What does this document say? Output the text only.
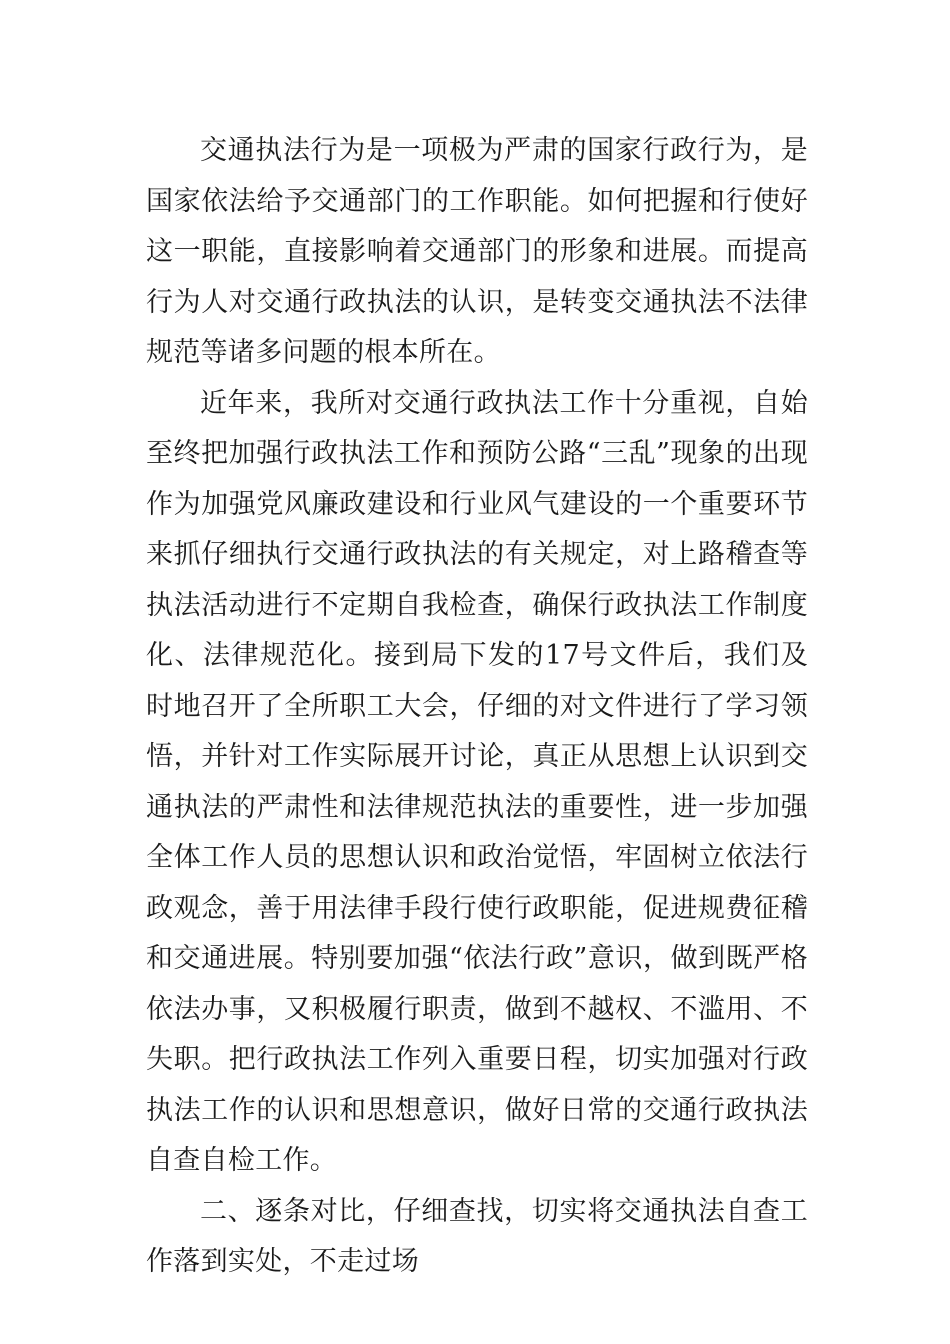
交通执法行为是一项极为严肃的国家行政行为，是国家依法给予交通部门的工作职能。如何把握和行使好这一职能，直接影响着交通部门的形象和进展。而提高行为人对交通行政执法的认识，是转变交通执法不法律规范等诸多问题的根本所在。

近年来，我所对交通行政执法工作十分重视，自始至终把加强行政执法工作和预防公路“三乱”现象的出现作为加强党风廉政建设和行业风气建设的一个重要环节来抓仔细执行交通行政执法的有关规定，对上路稽查等执法活动进行不定期自我检查，确保行政执法工作制度化、法律规范化。接到局下发的17号文件后，我们及时地召开了全所职工大会，仔细的对文件进行了学习领悟，并针对工作实际展开讨论，真正从思想上认识到交通执法的严肃性和法律规范执法的重要性，进一步加强全体工作人员的思想认识和政治觉悟，牢固树立依法行政观念，善于用法律手段行使行政职能，促进规费征稽和交通进展。特别要加强“依法行政”意识，做到既严格依法办事，又积极履行职责，做到不越权、不滥用、不失职。把行政执法工作列入重要日程，切实加强对行政执法工作的认识和思想意识，做好日常的交通行政执法自查自检工作。

二、逐条对比，仔细查找，切实将交通执法自查工作落到实处，不走过场
